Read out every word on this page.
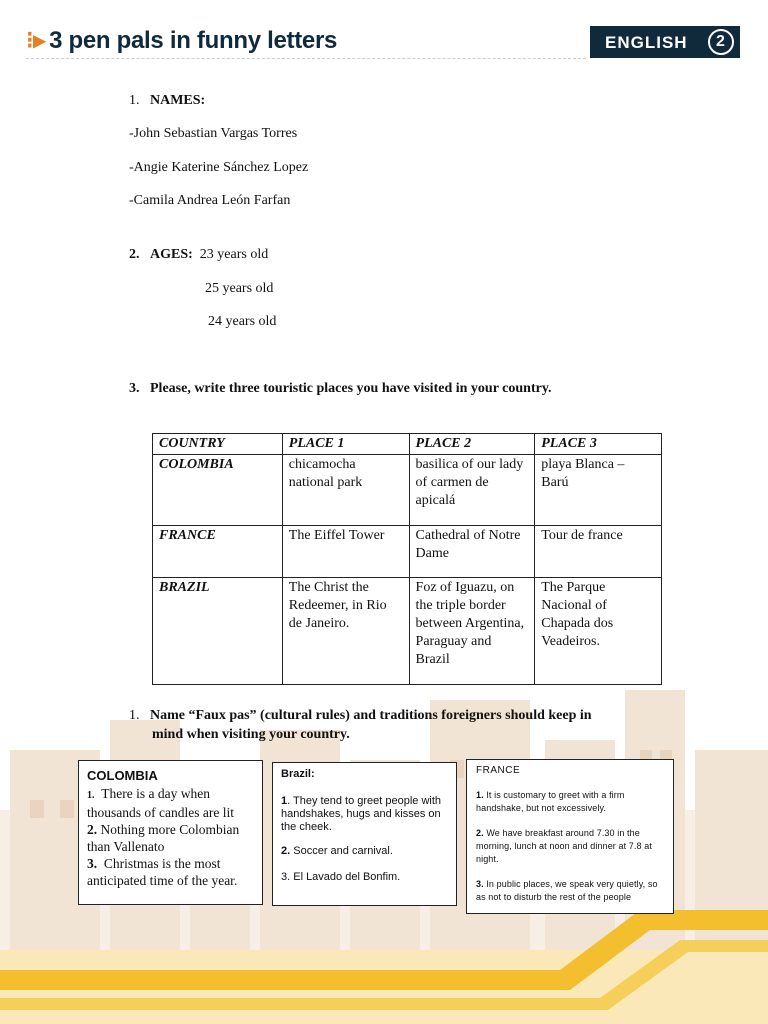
⁝▸ 3 pen pals in funny letters	ENGLISH	2
1. NAMES:
-John Sebastian Vargas Torres
-Angie Katerine Sánchez Lopez
-Camila Andrea León Farfan
2. AGES: 23 years old
25 years old
24 years old
3. Please, write three touristic places you have visited in your country.
COUNTRY	PLACE 1	PLACE 2	PLACE 3
COLOMBIA	chicamocha national park	basilica of our lady of carmen de apicalá	playa Blanca – Barú
FRANCE	The Eiffel Tower	Cathedral of Notre Dame	Tour de france
BRAZIL	The Christ the Redeemer, in Rio de Janeiro.	Foz of Iguazu, on the triple border between Argentina, Paraguay and Brazil	The Parque Nacional of Chapada dos Veadeiros.
1. Name “Faux pas” (cultural rules) and traditions foreigners should keep in
mind when visiting your country.
COLOMBIA

1. There is a day when thousands of candles are lit

2. Nothing more Colombian than Vallenato

3. Christmas is the most anticipated time of the year.

Brazil:

1. They tend to greet people with handshakes, hugs and kisses on the cheek.

2. Soccer and carnival.

3. El Lavado del Bonfim.

FRANCE

1. It is customary to greet with a firm handshake, but not excessively.

2. We have breakfast around 7.30 in the morning, lunch at noon and dinner at 7.8 at night.

3. In public places, we speak very quietly, so as not to disturb the rest of the people
